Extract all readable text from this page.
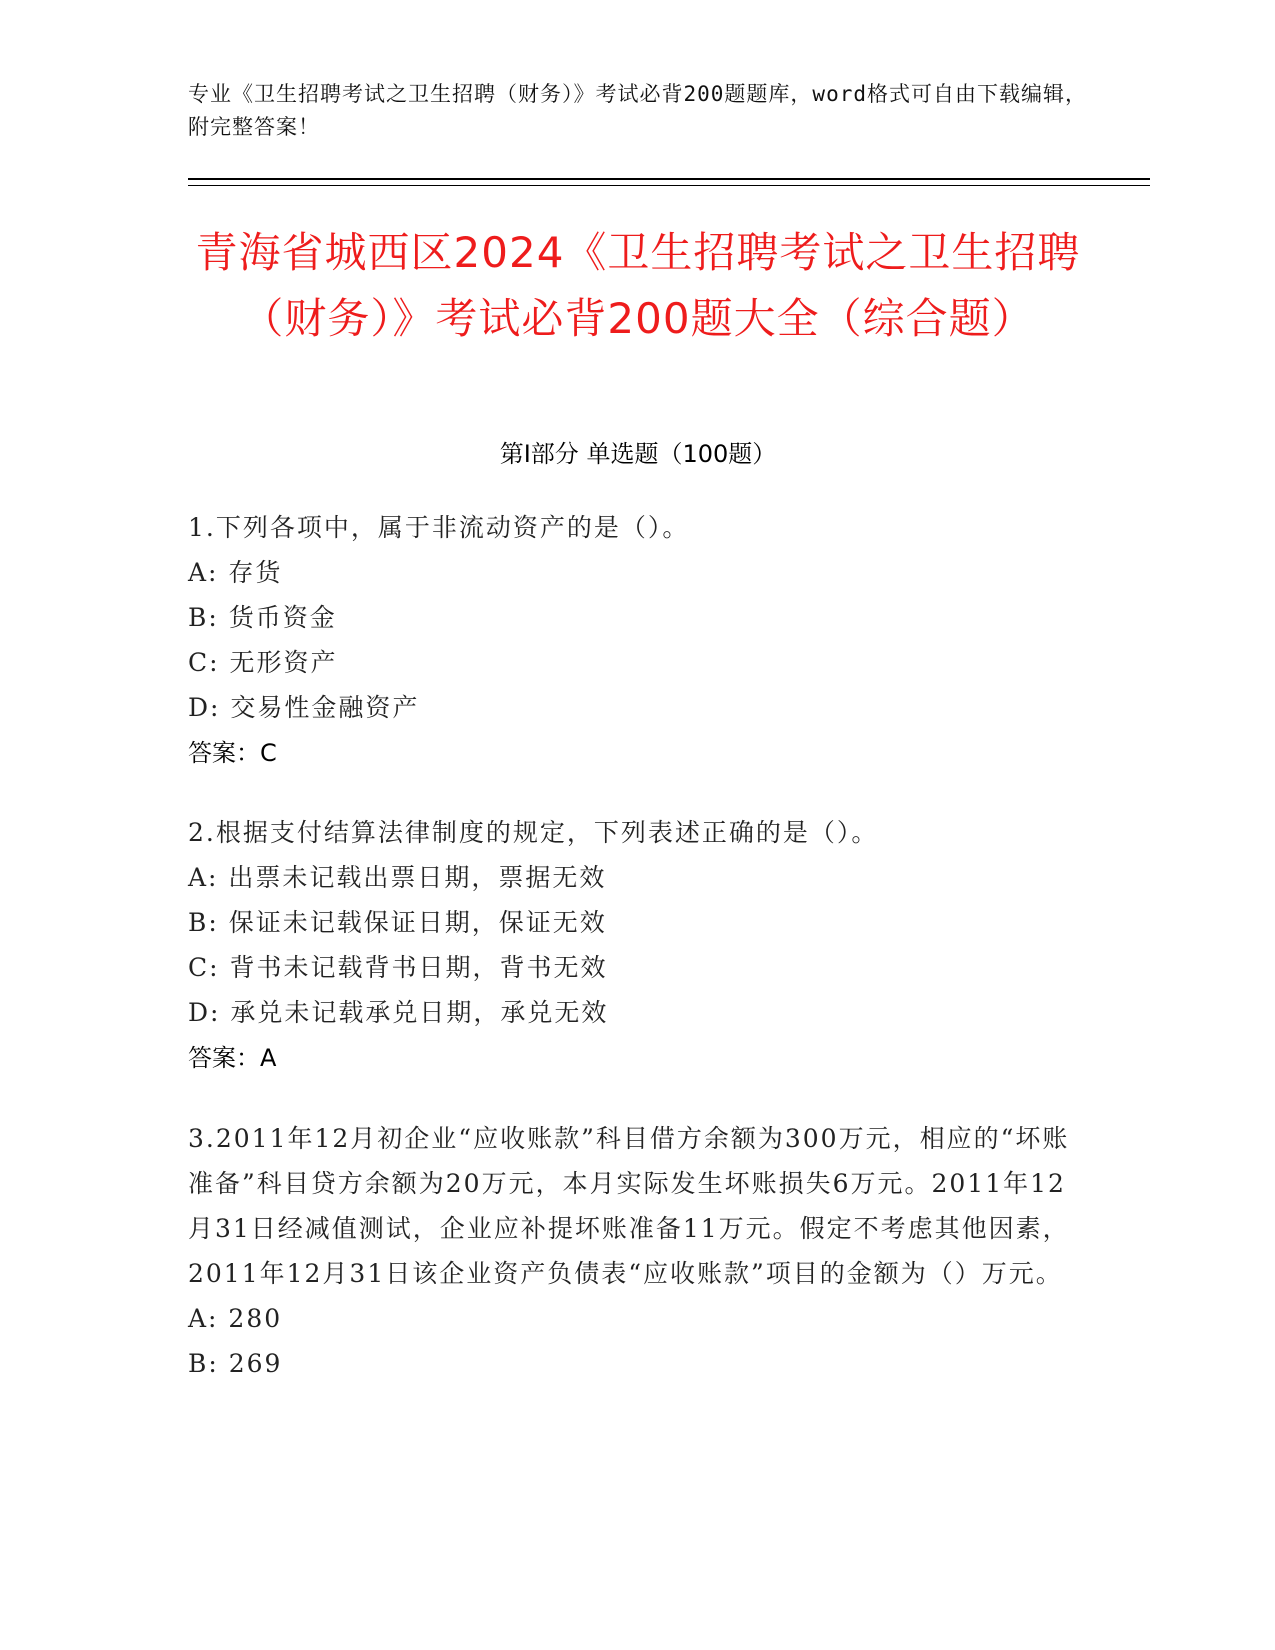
专业《卫生招聘考试之卫生招聘（财务）》考试必背200题题库，word格式可自由下载编辑，附完整答案！
青海省城西区2024《卫生招聘考试之卫生招聘（财务）》考试必背200题大全（综合题）
第Ⅰ部分 单选题（100题）

1.下列各项中，属于非流动资产的是（）。

A: 存货
B: 货币资金
C: 无形资产
D: 交易性金融资产
答案：C

2.根据支付结算法律制度的规定，下列表述正确的是（）。

A: 出票未记载出票日期，票据无效
B: 保证未记载保证日期，保证无效
C: 背书未记载背书日期，背书无效
D: 承兑未记载承兑日期，承兑无效
答案：A

3.2011年12月初企业“应收账款”科目借方余额为300万元，相应的“坏账准备”科目贷方余额为20万元，本月实际发生坏账损失6万元。2011年12月31日经减值测试，企业应补提坏账准备11万元。假定不考虑其他因素，2011年12月31日该企业资产负债表“应收账款”项目的金额为（）万元。

A: 280
B: 269
